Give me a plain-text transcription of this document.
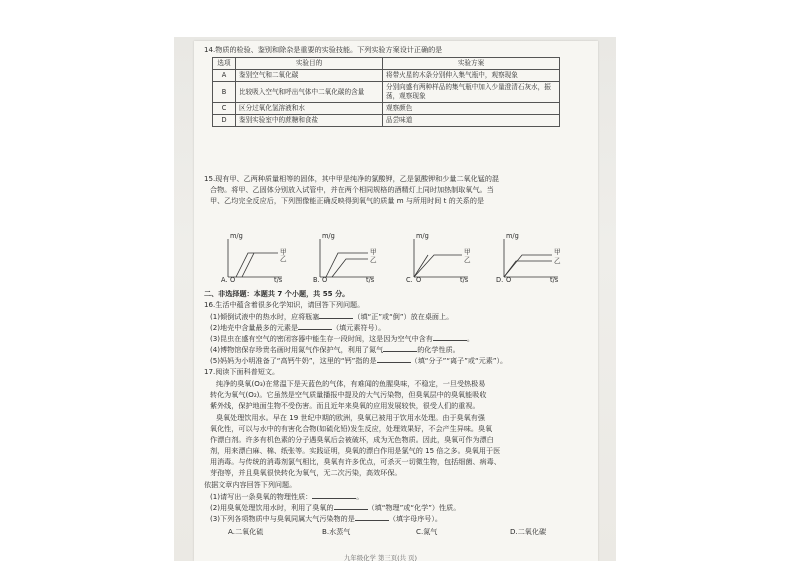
14.物质的检验、鉴别和除杂是重要的实验技能。下列实验方案设计正确的是
选项	实验目的	实验方案
A	鉴别空气和二氧化碳	将带火星的木条分别伸入集气瓶中，观察现象
B	比较吸入空气和呼出气体中二氧化碳的含量	分别向盛有两种样品的集气瓶中加入少量澄清石灰水，振荡，观察现象
C	区分过氧化氢溶液和水	观察颜色
D	鉴别实验室中的蔗糖和食盐	品尝味道
15.现有甲、乙两种质量相等的固体，其中甲是纯净的氯酸钾，乙是氯酸钾和少量二氧化锰的混
合物。将甲、乙固体分别放入试管中，并在两个相同规格的酒精灯上同时加热制取氧气。当
甲、乙均完全反应后，下列图像能正确反映得到氧气的质量 m 与所用时间 t 的关系的是
m/g
A. O	t/s
甲
乙
m/g
B. O	t/s
甲
乙
m/g
C. O	t/s
甲
乙
m/g
D. O	t/s
甲
乙
二、非选择题：本题共 7 个小题，共 55 分。
16.生活中蕴含着很多化学知识，请回答下列问题。
(1)倾倒试液中的热水时，应将瓶塞	（填“正”或“倒”）放在桌面上。
(2)地壳中含量最多的元素是	（填元素符号）。
(3)昆虫在盛有空气的密闭容器中能生存一段时间，这是因为空气中含有	。
(4)博物馆保存珍贵名画时用氮气作保护气，利用了氮气	的化学性质。
(5)妈妈为小明准备了“高钙牛奶”，这里的“钙”指的是	（填“分子”“离子”或“元素”）。
17.阅读下面科普短文。
纯净的臭氧(O₃)在常温下是天蓝色的气体，有难闻的鱼腥臭味，不稳定，一旦受热极易
转化为氧气(O₂)。它虽然是空气质量播报中提及的大气污染物，但臭氧层中的臭氧能吸收
紫外线，保护地面生物不受伤害。而且近年来臭氧的应用发展较快，很受人们的重视。
臭氧处理饮用水。早在 19 世纪中期的欧洲，臭氧已被用于饮用水处理。由于臭氧有强
氧化性，可以与水中的有害化合物(如硫化铅)发生反应，处理效果好，不会产生异味。臭氧
作漂白剂。许多有机色素的分子遇臭氧后会被破坏，成为无色物质。因此，臭氧可作为漂白
剂，用来漂白麻、棉、纸张等。实践证明，臭氧的漂白作用是氯气的 15 倍之多。臭氧用于医
用消毒。与传统的消毒剂氯气相比，臭氧有许多优点，可杀灭一切微生物，包括细菌、病毒、
芽孢等，并且臭氧很快转化为氧气，无二次污染，高效环保。
依据文章内容回答下列问题。
(1)请写出一条臭氧的物理性质：	。
(2)用臭氧处理饮用水时，利用了臭氧的	（填“物理”或“化学”）性质。
(3)下列各项物质中与臭氧同属大气污染物的是	（填字母序号）。
A.二氧化硫	B.水蒸气	C.氮气	D.二氧化碳
九年级化学 第三页(共 页)
